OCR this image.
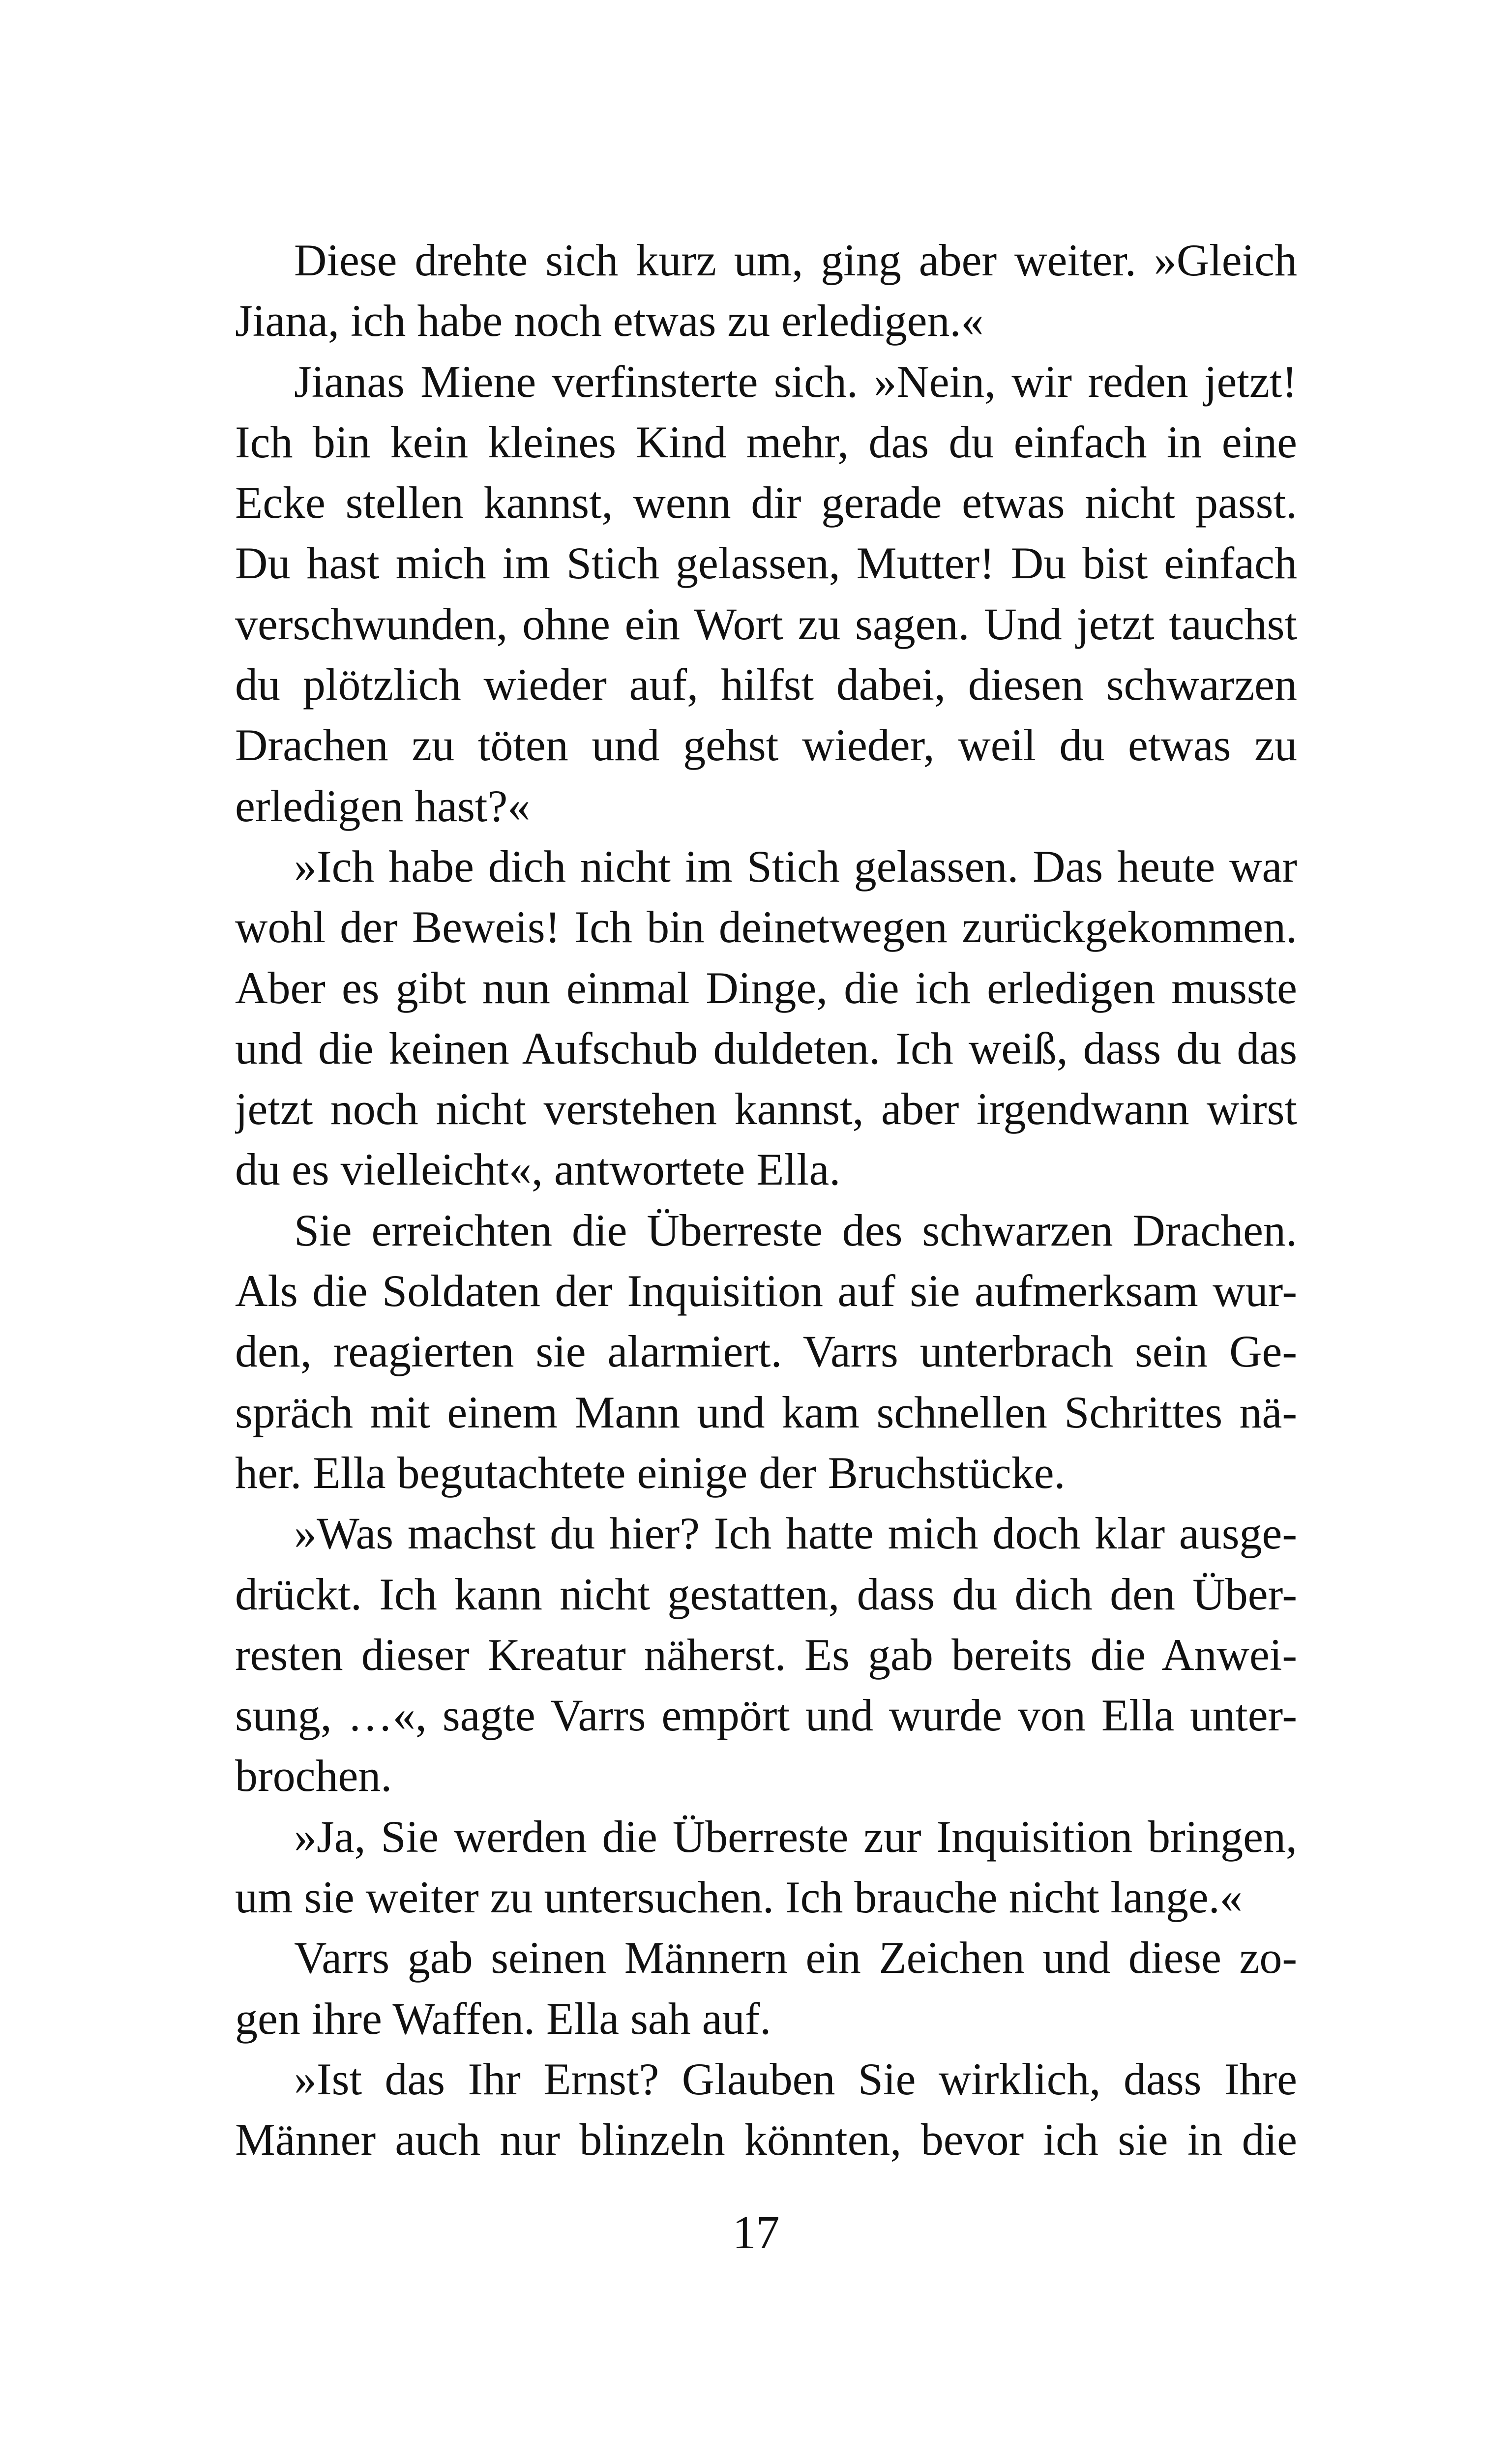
Diese drehte sich kurz um, ging aber weiter. »Gleich
Jiana, ich habe noch etwas zu erledigen.«
Jianas Miene verfinsterte sich. »Nein, wir reden jetzt!
Ich bin kein kleines Kind mehr, das du einfach in eine
Ecke stellen kannst, wenn dir gerade etwas nicht passt.
Du hast mich im Stich gelassen, Mutter! Du bist einfach
verschwunden, ohne ein Wort zu sagen. Und jetzt tauchst
du plötzlich wieder auf, hilfst dabei, diesen schwarzen
Drachen zu töten und gehst wieder, weil du etwas zu
erledigen hast?«
»Ich habe dich nicht im Stich gelassen. Das heute war
wohl der Beweis! Ich bin deinetwegen zurückgekommen.
Aber es gibt nun einmal Dinge, die ich erledigen musste
und die keinen Aufschub duldeten. Ich weiß, dass du das
jetzt noch nicht verstehen kannst, aber irgendwann wirst
du es vielleicht«, antwortete Ella.
Sie erreichten die Überreste des schwarzen Drachen.
Als die Soldaten der Inquisition auf sie aufmerksam wur-
den, reagierten sie alarmiert. Varrs unterbrach sein Ge-
spräch mit einem Mann und kam schnellen Schrittes nä-
her. Ella begutachtete einige der Bruchstücke.
»Was machst du hier? Ich hatte mich doch klar ausge-
drückt. Ich kann nicht gestatten, dass du dich den Über-
resten dieser Kreatur näherst. Es gab bereits die Anwei-
sung, …«, sagte Varrs empört und wurde von Ella unter-
brochen.
»Ja, Sie werden die Überreste zur Inquisition bringen,
um sie weiter zu untersuchen. Ich brauche nicht lange.«
Varrs gab seinen Männern ein Zeichen und diese zo-
gen ihre Waffen. Ella sah auf.
»Ist das Ihr Ernst? Glauben Sie wirklich, dass Ihre
Männer auch nur blinzeln könnten, bevor ich sie in die
17
